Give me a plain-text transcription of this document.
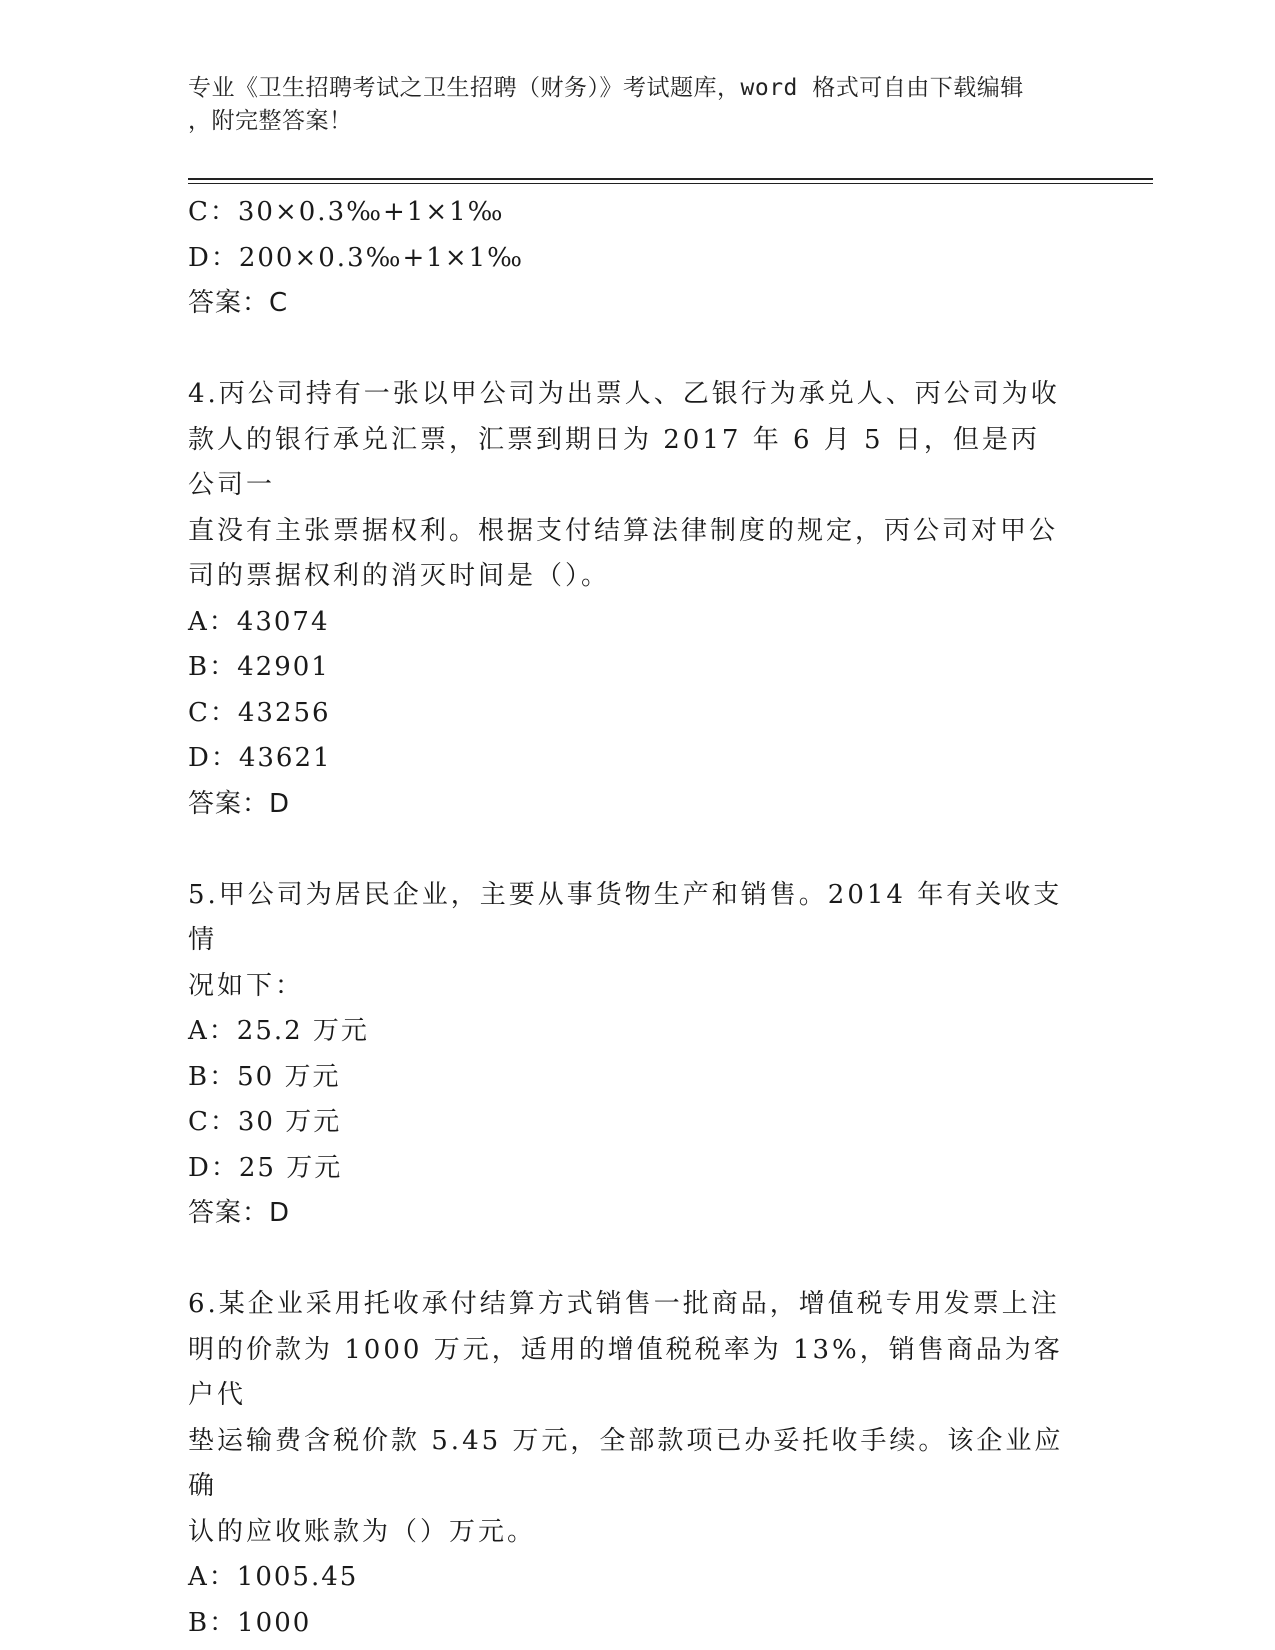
专业《卫生招聘考试之卫生招聘（财务）》考试题库，word 格式可自由下载编辑
，附完整答案！
C：30×0.3‰+1×1‰
D：200×0.3‰+1×1‰
答案：C
4.丙公司持有一张以甲公司为出票人、乙银行为承兑人、丙公司为收
款人的银行承兑汇票，汇票到期日为 2017 年 6 月 5 日，但是丙公司一
直没有主张票据权利。根据支付结算法律制度的规定，丙公司对甲公
司的票据权利的消灭时间是（）。
A：43074
B：42901
C：43256
D：43621
答案：D
5.甲公司为居民企业，主要从事货物生产和销售。2014 年有关收支情
况如下：
A：25.2 万元
B：50 万元
C：30 万元
D：25 万元
答案：D
6.某企业采用托收承付结算方式销售一批商品，增值税专用发票上注
明的价款为 1000 万元，适用的增值税税率为 13%，销售商品为客户代
垫运输费含税价款 5.45 万元，全部款项已办妥托收手续。该企业应确
认的应收账款为（）万元。
A：1005.45
B：1000
